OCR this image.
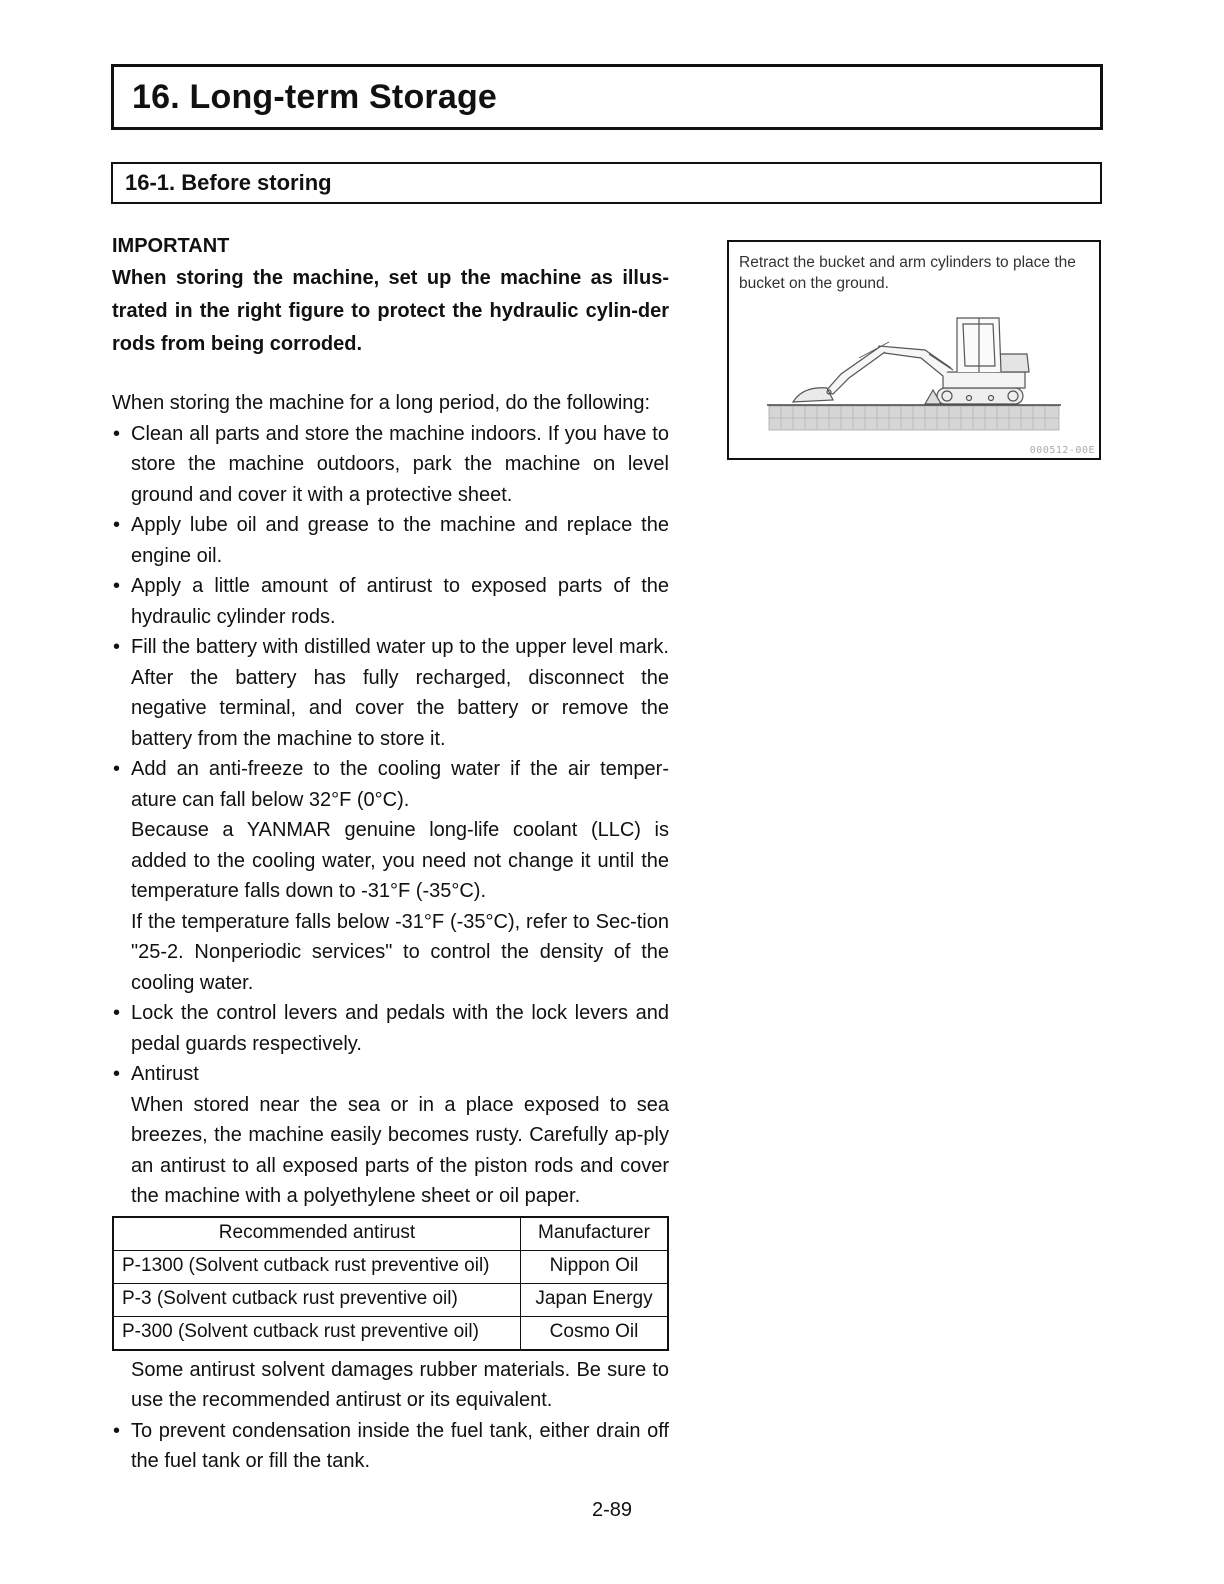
16. Long-term Storage
16-1. Before storing

IMPORTANT

When storing the machine, set up the machine as illus-trated in the right figure to protect the hydraulic cylin-der rods from being corroded.

When storing the machine for a long period, do the following:

• Clean all parts and store the machine indoors. If you have to store the machine outdoors, park the machine on level ground and cover it with a protective sheet.
• Apply lube oil and grease to the machine and replace the engine oil.
• Apply a little amount of antirust to exposed parts of the hydraulic cylinder rods.
• Fill the battery with distilled water up to the upper level mark. After the battery has fully recharged, disconnect the negative terminal, and cover the battery or remove the battery from the machine to store it.
• Add an anti-freeze to the cooling water if the air temper-ature can fall below 32°F (0°C).

Because a YANMAR genuine long-life coolant (LLC) is added to the cooling water, you need not change it until the temperature falls down to -31°F (-35°C).

If the temperature falls below -31°F (-35°C), refer to Sec-tion "25-2. Nonperiodic services" to control the density of the cooling water.

• Lock the control levers and pedals with the lock levers and pedal guards respectively.
• Antirust

When stored near the sea or in a place exposed to sea breezes, the machine easily becomes rusty. Carefully ap-ply an antirust to all exposed parts of the piston rods and cover the machine with a polyethylene sheet or oil paper.

Recommended antirust	Manufacturer
P-1300 (Solvent cutback rust preventive oil)	Nippon Oil
P-3 (Solvent cutback rust preventive oil)	Japan Energy
P-300 (Solvent cutback rust preventive oil)	Cosmo Oil

Some antirust solvent damages rubber materials. Be sure to use the recommended antirust or its equivalent.

• To prevent condensation inside the fuel tank, either drain off the fuel tank or fill the tank.
Retract the bucket and arm cylinders to place the bucket on the ground.
000512-00E
2-89
